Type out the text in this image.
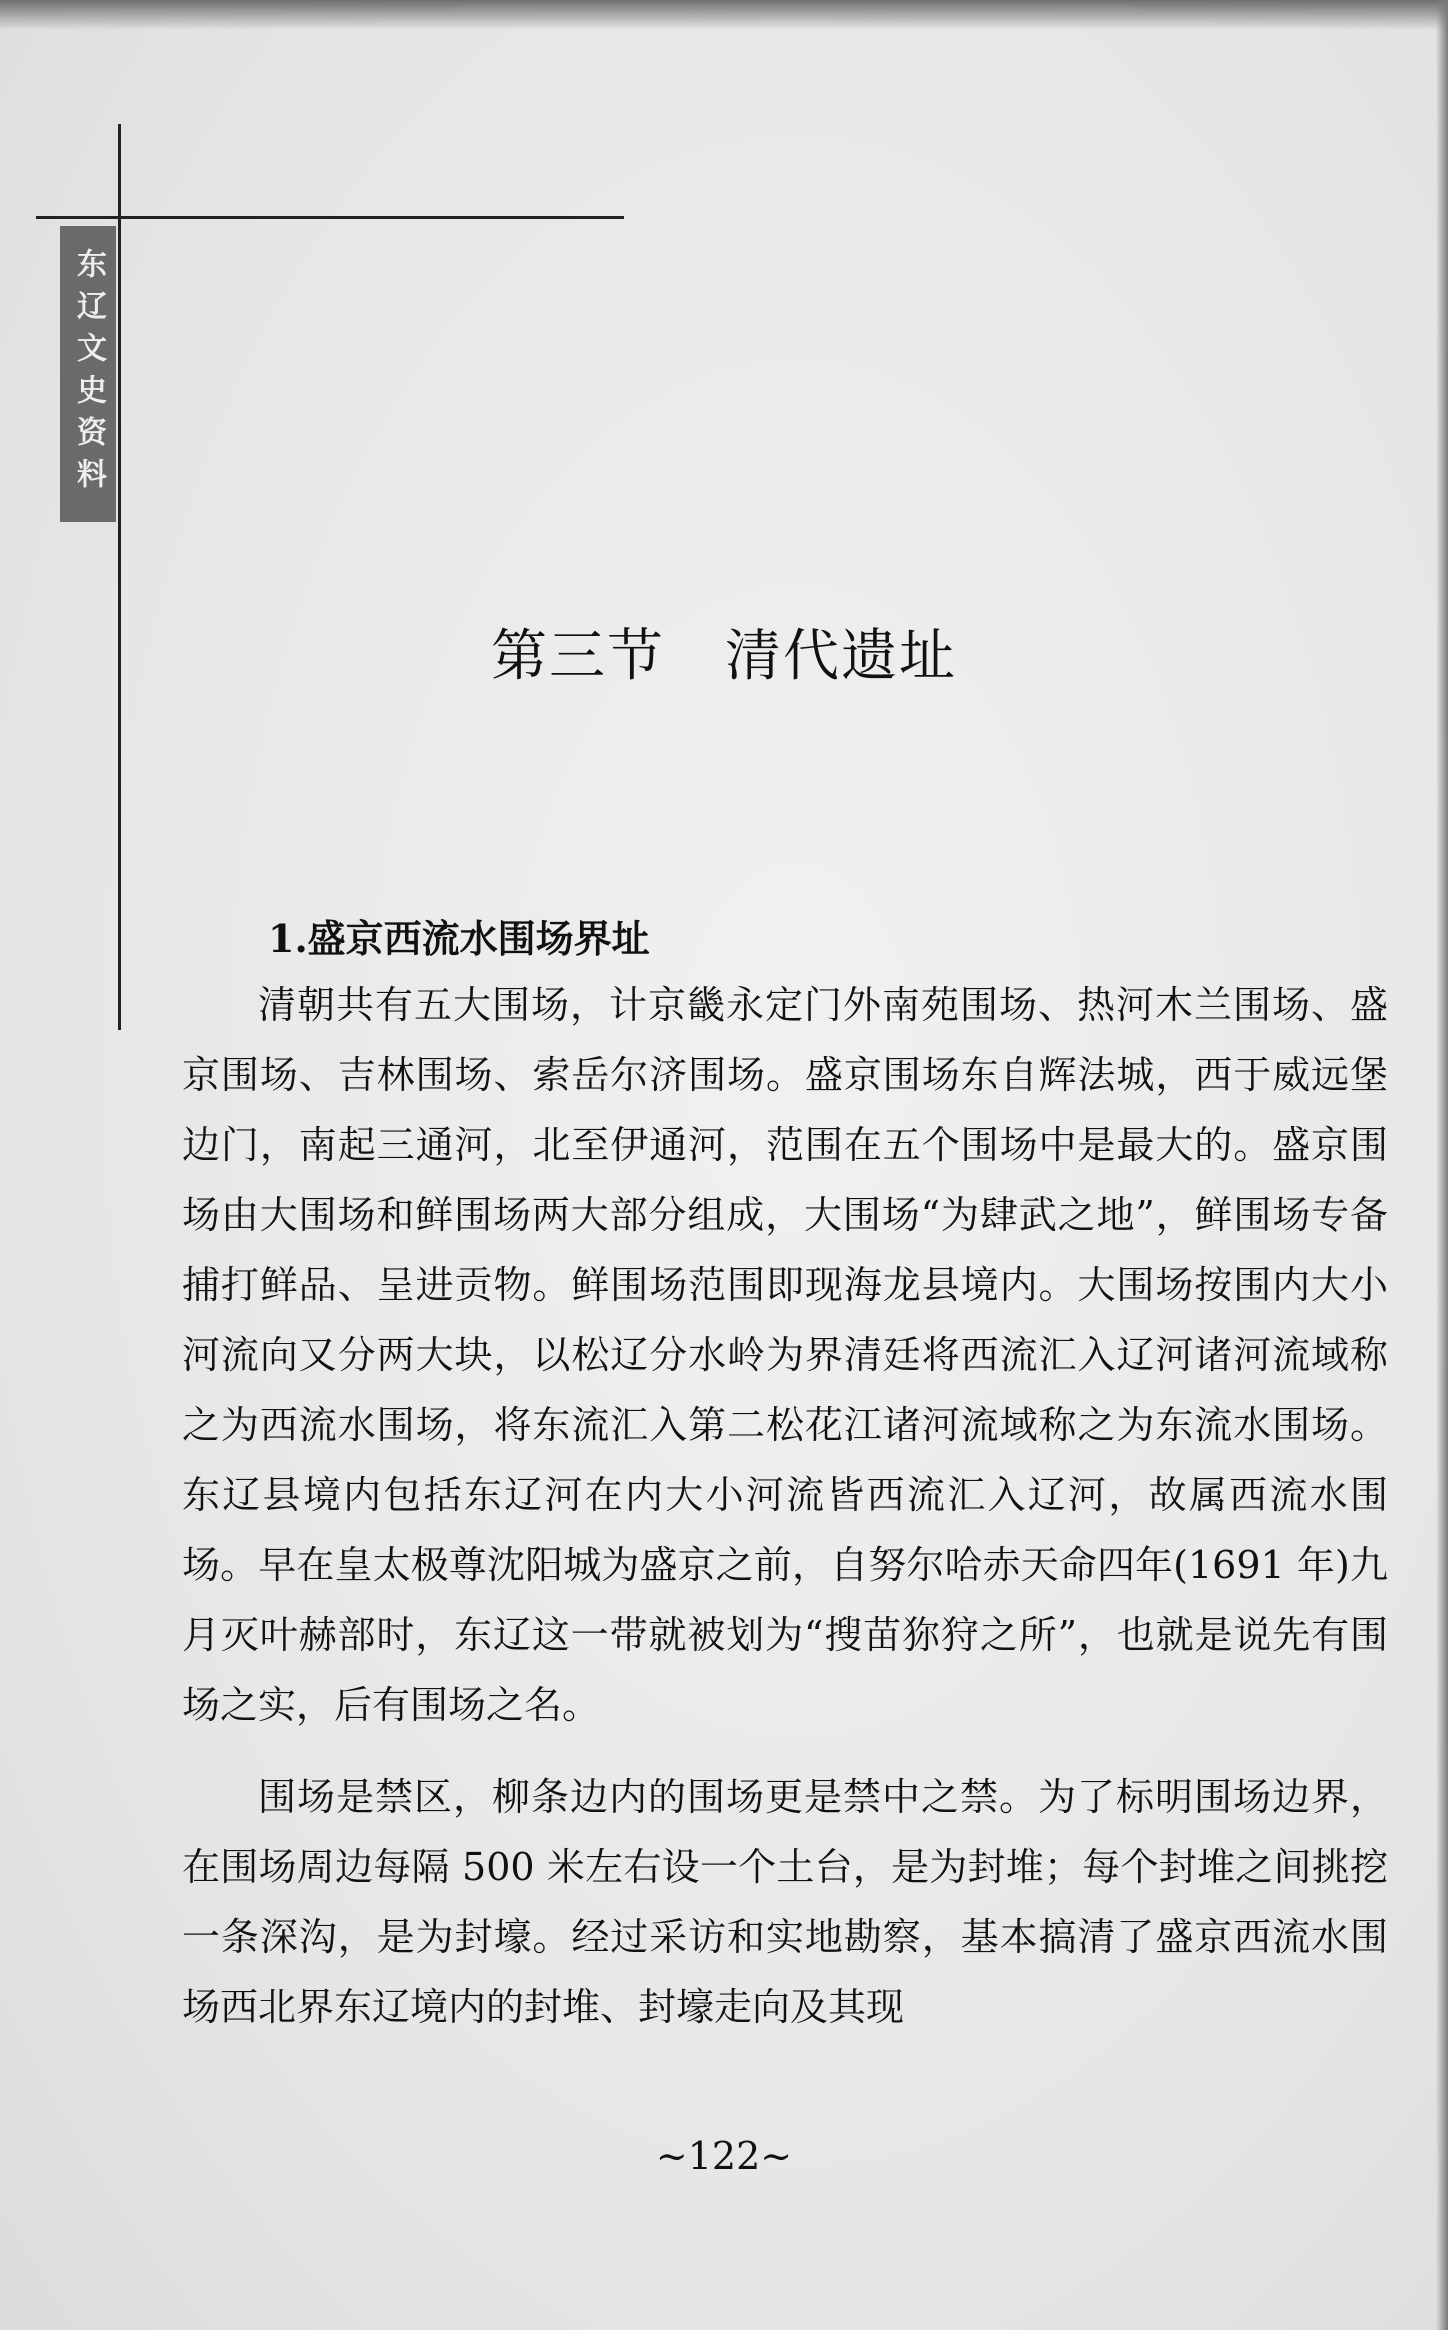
东辽文史资料
第三节 清代遗址
1.盛京西流水围场界址

清朝共有五大围场，计京畿永定门外南苑围场、热河木兰围场、盛京围场、吉林围场、索岳尔济围场。盛京围场东自辉法城，西于威远堡边门，南起三通河，北至伊通河，范围在五个围场中是最大的。盛京围场由大围场和鲜围场两大部分组成，大围场“为肆武之地”，鲜围场专备捕打鲜品、呈进贡物。鲜围场范围即现海龙县境内。大围场按围内大小河流向又分两大块，以松辽分水岭为界清廷将西流汇入辽河诸河流域称之为西流水围场，将东流汇入第二松花江诸河流域称之为东流水围场。东辽县境内包括东辽河在内大小河流皆西流汇入辽河，故属西流水围场。早在皇太极尊沈阳城为盛京之前，自努尔哈赤天命四年(1691 年)九月灭叶赫部时，东辽这一带就被划为“搜苗狝狩之所”，也就是说先有围场之实，后有围场之名。

围场是禁区，柳条边内的围场更是禁中之禁。为了标明围场边界，在围场周边每隔 500 米左右设一个土台，是为封堆；每个封堆之间挑挖一条深沟，是为封壕。经过采访和实地勘察，基本搞清了盛京西流水围场西北界东辽境内的封堆、封壕走向及其现

~122~
